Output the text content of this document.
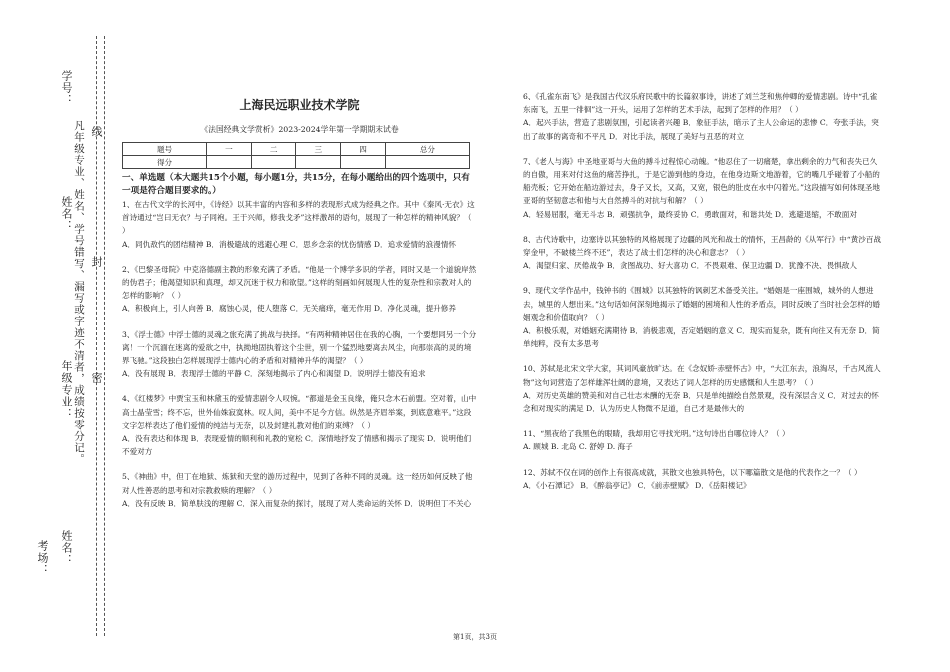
学号：
线
姓名： 凡年级专业、姓名、学号错写、漏写或字迹不清者，成绩按零分记。 封
年级专业： 密
考场： 姓名：
上海民远职业技术学院
《法国经典文学赏析》2023-2024学年第一学期期末试卷
题号	一	二	三	四	总分
得分					

一、单选题（本大题共15个小题，每小题1分，共15分，在每小题给出的四个选项中，只有一项是符合题目要求的。）

1、在古代文学的长河中，《诗经》以其丰富的内容和多样的表现形式成为经典之作。其中《秦风·无衣》这首诗通过“岂曰无衣？与子同袍。王于兴师，修我戈矛”这样激昂的语句，展现了一种怎样的精神风貌？（ ）

A．同仇敌忾的团结精神 B．消极避战的逃避心理 C．思乡念亲的忧伤情感 D．追求爱情的浪漫情怀

2、《巴黎圣母院》中克洛德副主教的形象充满了矛盾。“他是一个博学多识的学者，同时又是一个道貌岸然的伪君子；他渴望知识和真理，却又沉迷于权力和欲望。”这样的刻画如何展现人性的复杂性和宗教对人的怎样的影响？（ ）

A．积极向上，引人向善 B．腐蚀心灵，使人堕落 C．无关痛痒，毫无作用 D．净化灵魂，提升修养

3、《浮士德》中浮士德的灵魂之旅充满了挑战与抉择。“有两种精神居住在我的心胸，一个要想同另一个分离！一个沉湎在迷离的爱欲之中，执拗地固执着这个尘世，别一个猛烈地要离去风尘，向那崇高的灵的境界飞驰。”这段独白怎样展现浮士德内心的矛盾和对精神升华的渴望？（ ）

A．没有展现 B．表现浮士德的平静 C．深刻地揭示了内心和渴望 D．说明浮士德没有追求

4、《红楼梦》中贾宝玉和林黛玉的爱情悲剧令人叹惋。“都道是金玉良缘，俺只念木石前盟。空对着，山中高士晶莹雪；终不忘，世外仙姝寂寞林。叹人间，美中不足今方信。纵然是齐眉举案，到底意难平。”这段文字怎样表达了他们爱情的纯洁与无奈，以及封建礼教对他们的束缚？（ ）

A．没有表达和体现 B．表现爱情的顺利和礼教的宽松 C．深情地抒发了情感和揭示了现实 D．说明他们不爱对方

5、《神曲》中，但丁在地狱、炼狱和天堂的游历过程中，见到了各种不同的灵魂。这一经历如何反映了他对人性善恶的思考和对宗教救赎的理解？（ ）

A．没有反映 B．简单肤浅的理解 C．深入而复杂的探讨，展现了对人类命运的关怀 D．说明但丁不关心

6、《孔雀东南飞》是我国古代汉乐府民歌中的长篇叙事诗，讲述了刘兰芝和焦仲卿的爱情悲剧。诗中“孔雀东南飞，五里一徘徊”这一开头，运用了怎样的艺术手法，起到了怎样的作用？（ ）

A．起兴手法，营造了悲剧氛围，引起读者兴趣 B．象征手法，暗示了主人公命运的悲惨 C．夸张手法，突出了故事的离奇和不平凡 D．对比手法，展现了美好与丑恶的对立

7、《老人与海》中圣地亚哥与大鱼的搏斗过程惊心动魄。“他忍住了一切痛楚，拿出剩余的力气和丧失已久的自傲，用来对付这鱼的痛苦挣扎，于是它游到他的身边，在他身边斯文地游着，它的嘴几乎碰着了小船的船壳板；它开始在船边游过去，身子又长，又高，又宽，银色的肚皮在水中闪着光。”这段描写如何体现圣地亚哥的坚韧意志和他与大自然搏斗的对抗与和解？（ ）

A．轻易屈服，毫无斗志 B．顽强抗争，最终妥协 C．勇敢面对，和谐共处 D．逃避退缩，不敢面对

8、古代诗歌中，边塞诗以其独特的风格展现了边疆的风光和战士的情怀，王昌龄的《从军行》中“黄沙百战穿金甲，不破楼兰终不还”，表达了战士们怎样的决心和意志？（ ）

A．渴望归家、厌倦战争 B．贪图战功、好大喜功 C．不畏艰难、保卫边疆 D．犹豫不决、畏惧敌人

9、现代文学作品中，钱钟书的《围城》以其独特的讽刺艺术备受关注。“婚姻是一座围城，城外的人想进去，城里的人想出来。”这句话如何深刻地揭示了婚姻的困境和人性的矛盾点，同时反映了当时社会怎样的婚姻观念和价值取向？（ ）

A．积极乐观，对婚姻充满期待 B．消极悲观，否定婚姻的意义 C．现实而复杂，既有向往又有无奈 D．简单纯粹，没有太多思考

10、苏轼是北宋文学大家，其词风豪放旷达。在《念奴娇·赤壁怀古》中，“大江东去，浪淘尽，千古风流人物”这句词营造了怎样雄浑壮阔的意境，又表达了词人怎样的历史感慨和人生思考？（ ）

A．对历史英雄的赞美和对自己壮志未酬的无奈 B．只是单纯描绘自然景观，没有深层含义 C．对过去的怀念和对现实的满足 D．认为历史人物微不足道，自己才是最伟大的

11、“黑夜给了我黑色的眼睛，我却用它寻找光明。”这句诗出自哪位诗人？（ ）

A. 顾城 B. 北岛 C. 舒婷 D. 海子

12、苏轼不仅在词的创作上有很高成就，其散文也独具特色，以下哪篇散文是他的代表作之一？（ ）

A．《小石潭记》 B．《醉翁亭记》 C．《前赤壁赋》 D．《岳阳楼记》

第1页，共3页
